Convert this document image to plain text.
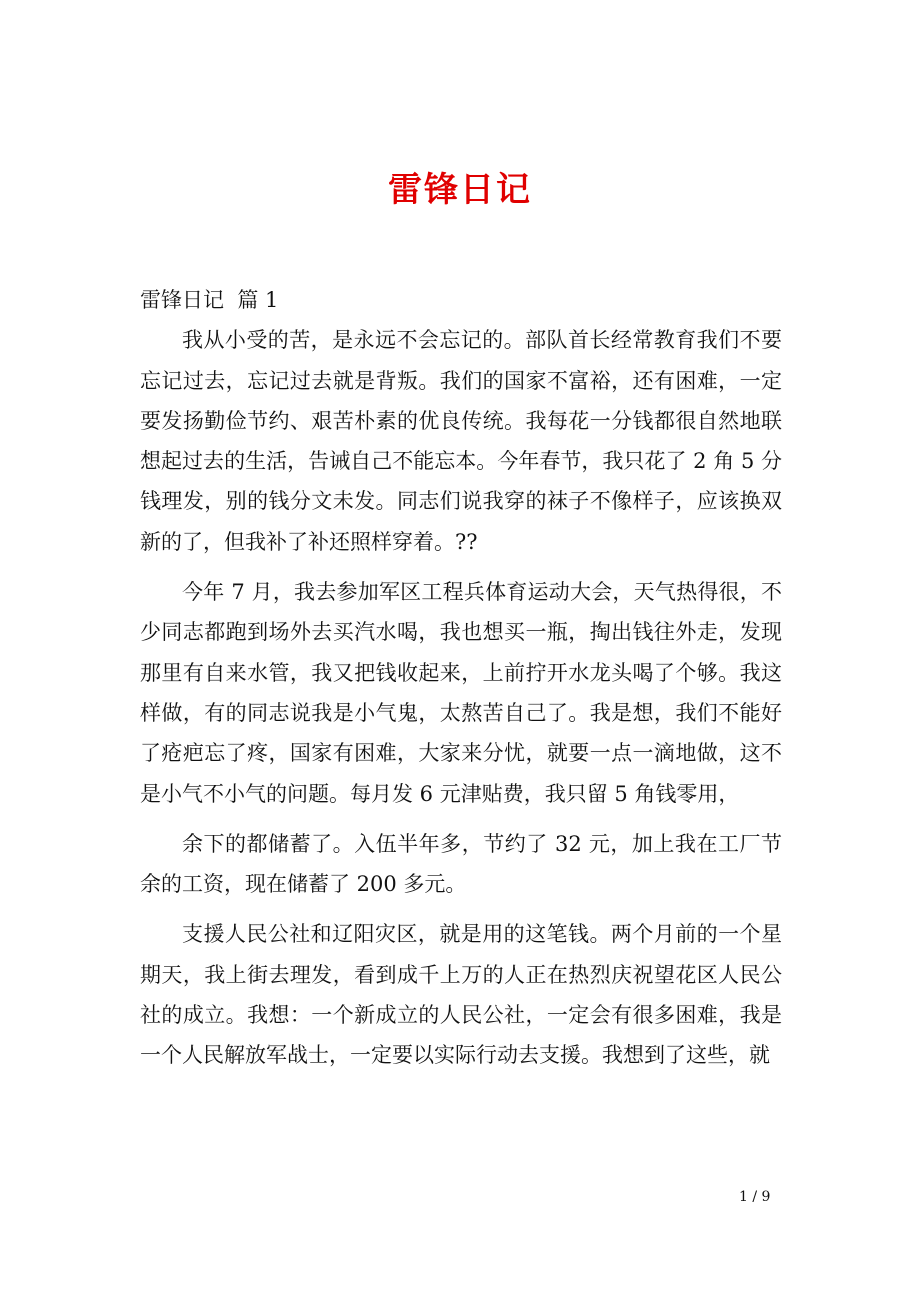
雷锋日记

雷锋日记  篇 1

我从小受的苦，是永远不会忘记的。部队首长经常教育我们不要忘记过去，忘记过去就是背叛。我们的国家不富裕，还有困难，一定要发扬勤俭节约、艰苦朴素的优良传统。我每花一分钱都很自然地联想起过去的生活，告诫自己不能忘本。今年春节，我只花了 2 角 5 分钱理发，别的钱分文未发。同志们说我穿的袜子不像样子，应该换双新的了，但我补了补还照样穿着。??

今年 7 月，我去参加军区工程兵体育运动大会，天气热得很，不少同志都跑到场外去买汽水喝，我也想买一瓶，掏出钱往外走，发现那里有自来水管，我又把钱收起来，上前拧开水龙头喝了个够。我这样做，有的同志说我是小气鬼，太熬苦自己了。我是想，我们不能好了疮疤忘了疼，国家有困难，大家来分忧，就要一点一滴地做，这不是小气不小气的问题。每月发 6 元津贴费，我只留 5 角钱零用，

余下的都储蓄了。入伍半年多，节约了 32 元，加上我在工厂节余的工资，现在储蓄了 200 多元。

支援人民公社和辽阳灾区，就是用的这笔钱。两个月前的一个星期天，我上街去理发，看到成千上万的人正在热烈庆祝望花区人民公社的成立。我想：一个新成立的人民公社，一定会有很多困难，我是一个人民解放军战士，一定要以实际行动去支援。我想到了这些，就

1 / 9
